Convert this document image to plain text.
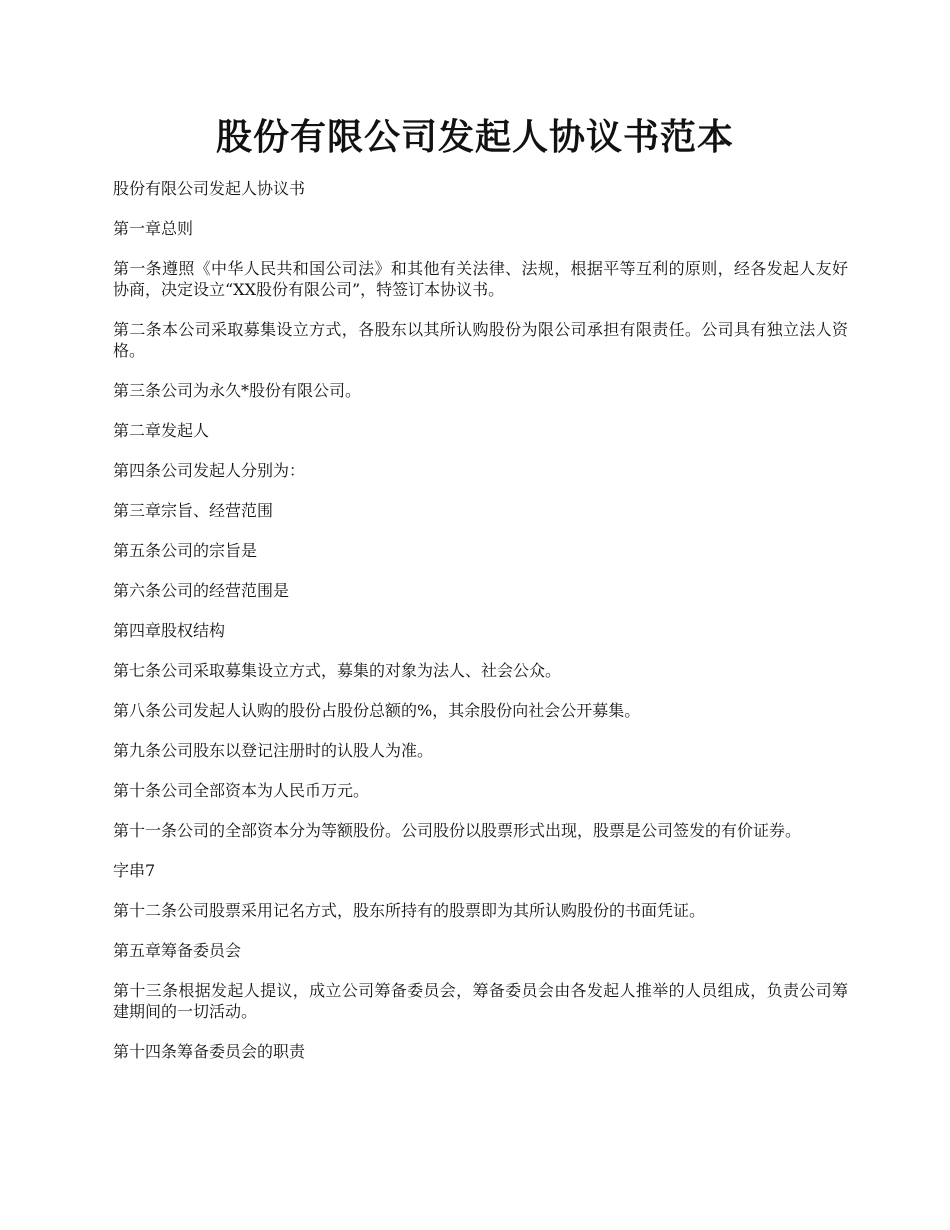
股份有限公司发起人协议书范本

股份有限公司发起人协议书

第一章总则

第一条遵照《中华人民共和国公司法》和其他有关法律、法规，根据平等互利的原则，经各发起人友好协商，决定设立“XX股份有限公司”，特签订本协议书。

第二条本公司采取募集设立方式，各股东以其所认购股份为限公司承担有限责任。公司具有独立法人资格。

第三条公司为永久*股份有限公司。

第二章发起人

第四条公司发起人分别为：

第三章宗旨、经营范围

第五条公司的宗旨是

第六条公司的经营范围是

第四章股权结构

第七条公司采取募集设立方式，募集的对象为法人、社会公众。

第八条公司发起人认购的股份占股份总额的%，其余股份向社会公开募集。

第九条公司股东以登记注册时的认股人为准。

第十条公司全部资本为人民币万元。

第十一条公司的全部资本分为等额股份。公司股份以股票形式出现，股票是公司签发的有价证券。

字串7

第十二条公司股票采用记名方式，股东所持有的股票即为其所认购股份的书面凭证。

第五章筹备委员会

第十三条根据发起人提议，成立公司筹备委员会，筹备委员会由各发起人推举的人员组成，负责公司筹建期间的一切活动。

第十四条筹备委员会的职责
